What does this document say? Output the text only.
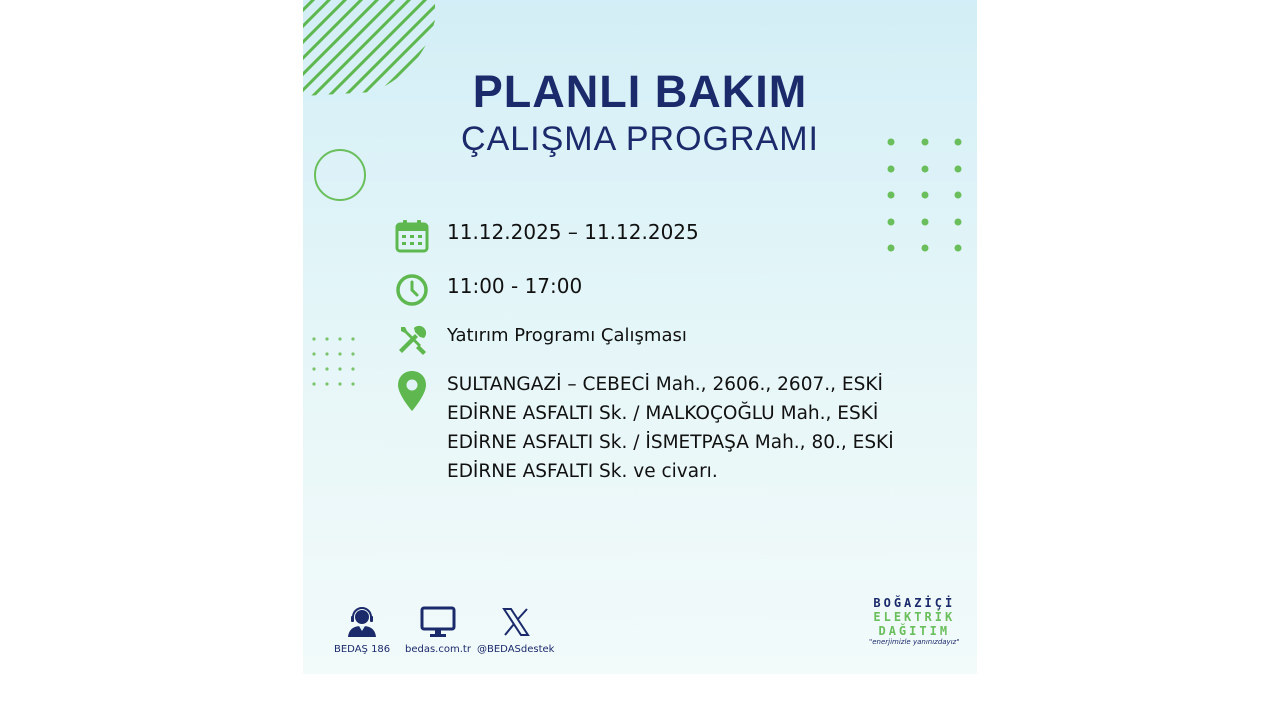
PLANLI BAKIM
ÇALIŞMA PROGRAMI
11.12.2025 – 11.12.2025
11:00 - 17:00
Yatırım Programı Çalışması
SULTANGAZİ – CEBECİ Mah., 2606., 2607., ESKİ
EDİRNE ASFALTI Sk. / MALKOÇOĞLU Mah., ESKİ
EDİRNE ASFALTI Sk. / İSMETPAŞA Mah., 80., ESKİ
EDİRNE ASFALTI Sk. ve civarı.
BEDAŞ 186 bedas.com.tr @BEDASdestek
BOĞAZİÇİ
ELEKTRİK
DAĞITIM
"enerjimizle yanınızdayız"
